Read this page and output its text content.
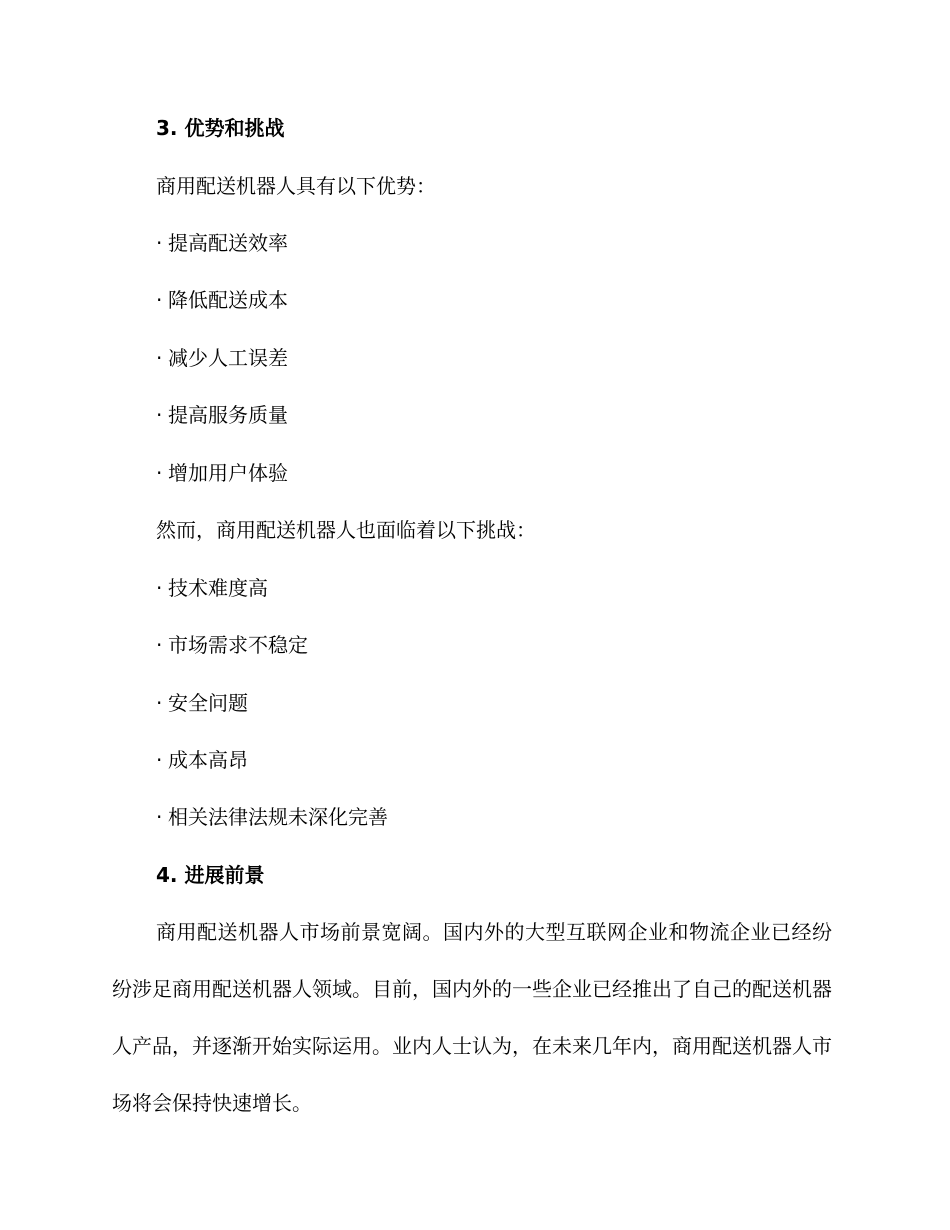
3. 优势和挑战
商用配送机器人具有以下优势：
· 提高配送效率
· 降低配送成本
· 减少人工误差
· 提高服务质量
· 增加用户体验
然而，商用配送机器人也面临着以下挑战：
· 技术难度高
· 市场需求不稳定
· 安全问题
· 成本高昂
· 相关法律法规未深化完善
4. 进展前景
商用配送机器人市场前景宽阔。国内外的大型互联网企业和物流企业已经纷纷涉足商用配送机器人领域。目前，国内外的一些企业已经推出了自己的配送机器人产品，并逐渐开始实际运用。业内人士认为，在未来几年内，商用配送机器人市场将会保持快速增长。
